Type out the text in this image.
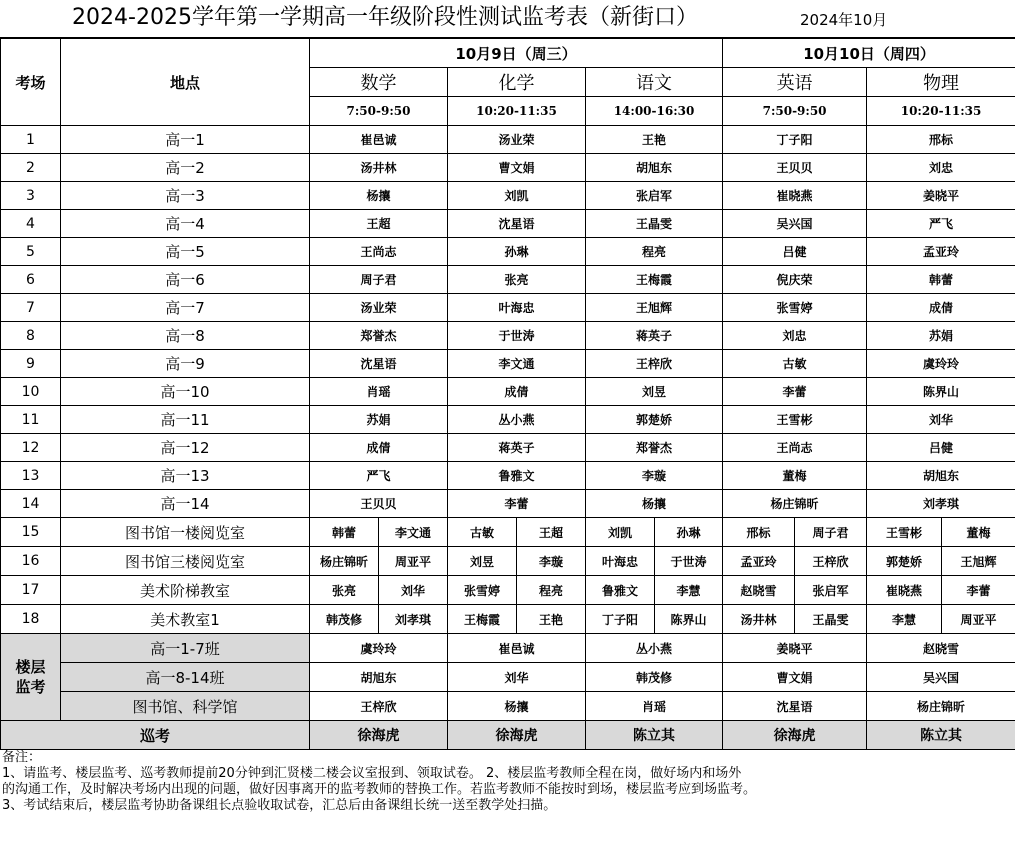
2024-2025学年第一学期高一年级阶段性测试监考表（新街口）	2024年10月
考场	地点	10月9日（周三）						10月10日（周四）			
		数学		化学		语文		英语		物理	
		7:50-9:50		10:20-11:35		14:00-16:30		7:50-9:50		10:20-11:35	
1	高一1	崔邑诚		汤业荣		王艳		丁子阳		邢标	
2	高一2	汤井林		曹文娟		胡旭东		王贝贝		刘忠	
3	高一3	杨攘		刘凯		张启军		崔晓燕		姜晓平	
4	高一4	王超		沈星语		王晶雯		吴兴国		严飞	
5	高一5	王尚志		孙琳		程亮		吕健		孟亚玲	
6	高一6	周子君		张亮		王梅霞		倪庆荣		韩蕾	
7	高一7	汤业荣		叶海忠		王旭辉		张雪婷		成倩	
8	高一8	郑誉杰		于世涛		蒋英子		刘忠		苏娟	
9	高一9	沈星语		李文通		王梓欣		古敏		虞玲玲	
10	高一10	肖瑶		成倩		刘昱		李蕾		陈界山	
11	高一11	苏娟		丛小燕		郭楚娇		王雪彬		刘华	
12	高一12	成倩		蒋英子		郑誉杰		王尚志		吕健	
13	高一13	严飞		鲁雅文		李璇		董梅		胡旭东	
14	高一14	王贝贝		李蕾		杨攘		杨庄锦昕		刘孝琪	
15	图书馆一楼阅览室	韩蕾	李文通	古敏	王超	刘凯	孙琳	邢标	周子君	王雪彬	董梅
16	图书馆三楼阅览室	杨庄锦昕	周亚平	刘昱	李璇	叶海忠	于世涛	孟亚玲	王梓欣	郭楚娇	王旭辉
17	美术阶梯教室	张亮	刘华	张雪婷	程亮	鲁雅文	李慧	赵晓雪	张启军	崔晓燕	李蕾
18	美术教室1	韩茂修	刘孝琪	王梅霞	王艳	丁子阳	陈界山	汤井林	王晶雯	李慧	周亚平

楼层
监考	高一1-7班	虞玲玲		崔邑诚		丛小燕		姜晓平		赵晓雪	
	高一8-14班	胡旭东		刘华		韩茂修		曹文娟		吴兴国	
	图书馆、科学馆	王梓欣		杨攘		肖瑶		沈星语		杨庄锦昕	
巡考		徐海虎		徐海虎		陈立其		徐海虎		陈立其	
备注：
1、请监考、楼层监考、巡考教师提前20分钟到汇贤楼二楼会议室报到、领取试卷。 2、楼层监考教师全程在岗，做好场内和场外
的沟通工作，及时解决考场内出现的问题，做好因事离开的监考教师的替换工作。若监考教师不能按时到场，楼层监考应到场监考。
3、考试结束后，楼层监考协助备课组长点验收取试卷，汇总后由备课组长统一送至教学处扫描。
